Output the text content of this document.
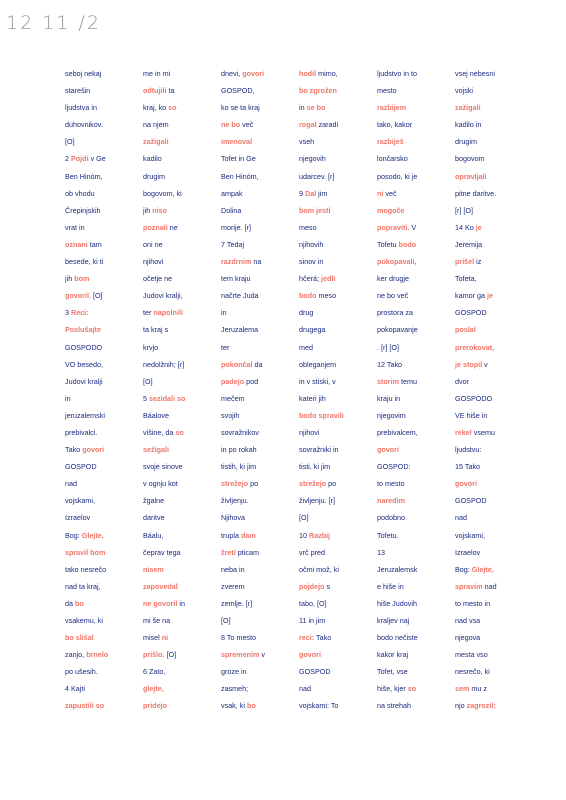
12 11 /2
seboj nekaj	me in mi	dnevi, govori	hodil mimo,	ljudstvo in to	vsej nebesni
starešin	odtujili ta	GOSPOD,	bo zgrožen	mesto	vojski
ljudstva in	kraj, ko so	ko se ta kraj	in se bo	razbijem	zažigali
duhovnikov.	na njem	ne bo več	rogal zaradi	tako, kakor	kadilo in
[O]	zažigali	imenoval	vseh	razbiješ	drugim
2 Pojdi v Ge	kadilo	Tofet in Ge	njegovih	lončarsko	bogovom
Ben Hinóm,	drugim	Ben Hinóm,	udarcev. [r]	posodo, ki je	opravljali
ob vhodu	bogovom, ki	ampak	9 Dal jim	ni več	pitne daritve.
Črepinjskih	jih niso	Dolina	bom jesti	mogoče	[r] [O]
vrat in	poznali ne	morije. [r]	meso	popraviti. V	14 Ko je
oznani tam	oni ne	7 Tedaj	njihovih	Tofetu bodo	Jeremija
besede, ki ti	njihovi	razdrnim na	sinov in	pokopavali,	prišel iz
jih bom	očetje ne	tem kraju	hčerá; jedli	ker drugje	Tofeta,
govoril. [O]	Judovi kralji,	načrte Juda	bodo meso	ne bo več	kamor ga je
3 Reci:	ter napolnili	in	drug	prostora za	GOSPOD
Poslušajte	ta kraj s	Jeruzalema	drugega	pokopavanje	poslal
GOSPODO	krvjo	ter	med	. [r] [O]	prerokovat,
VO besedo,	nedolžnih; [r]	pokončal da	obleganjem	12 Tako	je stopil v
Judovi kralji	[O]	padejo pod	in v stiski, v	storim temu	dvor
in	5 sezidali so	mečem	kateri jih	kraju in	GOSPODO
jeruzalemski	Báalove	svojih	bodo spravili	njegovim	VE hiše in
prebivalci.	višine, da so	sovražnikov	njihovi	prebivalcem,	rekel vsemu
Tako govori	sežigali	in po rokah	sovražniki in	govori	ljudstvu:
GOSPOD	svoje sinove	tistih, ki jim	tisti, ki jim	GOSPOD:	15 Tako
nad	v ognju kot	strežejo po	strežejo po	to mesto	govori
vojskami,	žgalne	življenju.	življenju. [r]	naredim	GOSPOD
Izraelov	daritve	Njihova	[O]	podobno	nad
Bog: Glejte,	Báalu,	trupla dam	10 Razbij	Tofetu.	vojskami,
spravil bom	čeprav tega	žreti pticam	vrč pred	13	Izraelov
tako nesrečo	nisem	neba in	očmi mož, ki	Jeruzalemsk	Bog: Glejte,
nad ta kraj,	zapovedal	zverem	pojdejo s	e hiše in	spravim nad
da bo	ne govoril in	zemlje. [r]	tabo, [O]	hiše Judovih	to mesto in
vsakemu, ki	mi še na	[O]	11 in jim	kraljev naj	nad vsa
bo slišal	misel ni	8 To mesto	reci: Tako	bodo nečiste	njegova
zanjo, brnelo	prišlo. [O]	spremenim v	govori	kakor kraj	mesta vso
po ušesih.	6 Zato,	groze in	GOSPOD	Tofet, vse	nesrečo, ki
4 Kajti	glejte,	zasmeh;	nad	hiše, kjer so	sem mu z
zapustili so	pridejo	vsak, ki bo	vojskami: To	na strehah	njo zagrozil;
